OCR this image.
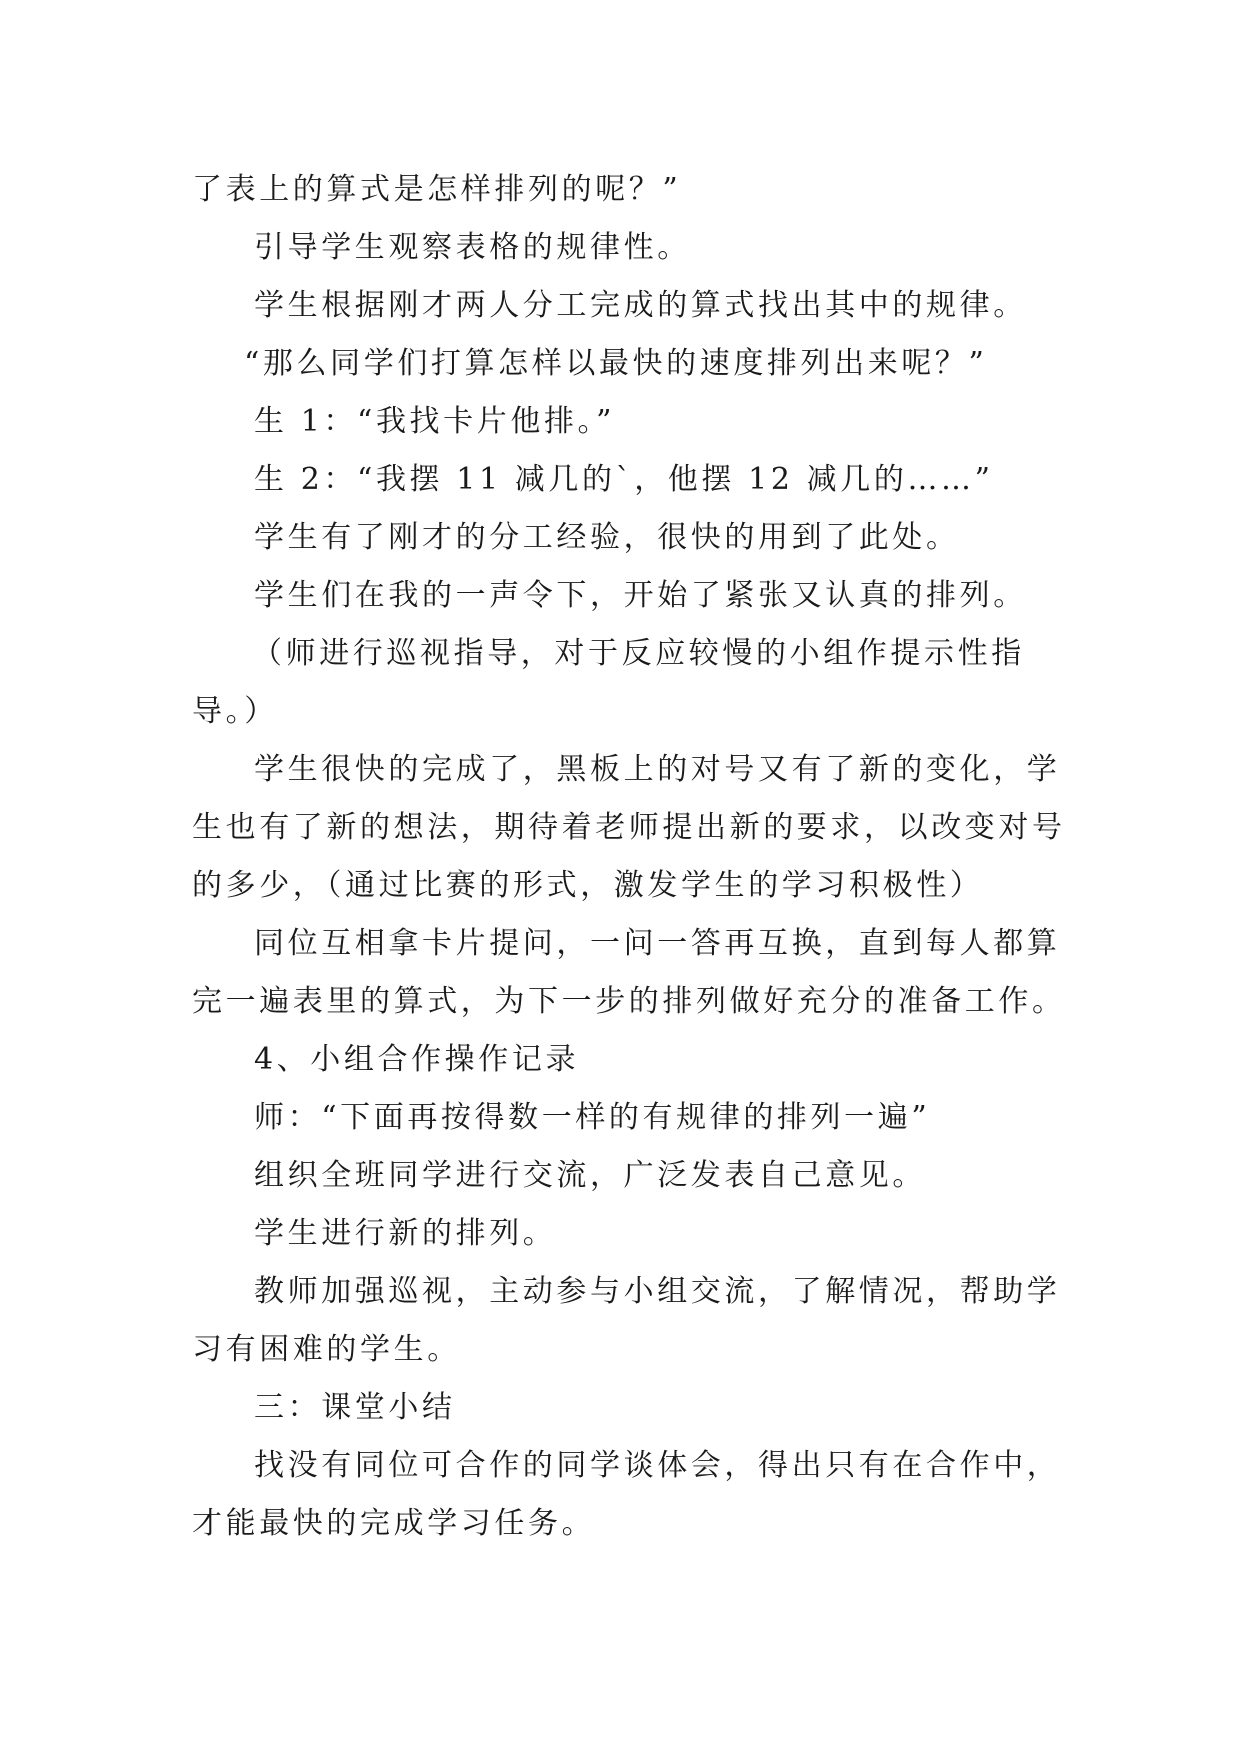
了表上的算式是怎样排列的呢？”
引导学生观察表格的规律性。
学生根据刚才两人分工完成的算式找出其中的规律。
“那么同学们打算怎样以最快的速度排列出来呢？”
生 1：“我找卡片他排。”
生 2：“我摆 11 减几的`，他摆 12 减几的……”
学生有了刚才的分工经验，很快的用到了此处。
学生们在我的一声令下，开始了紧张又认真的排列。
（师进行巡视指导，对于反应较慢的小组作提示性指
导。）
学生很快的完成了，黑板上的对号又有了新的变化，学
生也有了新的想法，期待着老师提出新的要求，以改变对号
的多少，（通过比赛的形式，激发学生的学习积极性）
同位互相拿卡片提问，一问一答再互换，直到每人都算
完一遍表里的算式，为下一步的排列做好充分的准备工作。
4、小组合作操作记录
师：“下面再按得数一样的有规律的排列一遍”
组织全班同学进行交流，广泛发表自己意见。
学生进行新的排列。
教师加强巡视，主动参与小组交流，了解情况，帮助学
习有困难的学生。
三：课堂小结
找没有同位可合作的同学谈体会，得出只有在合作中，
才能最快的完成学习任务。
